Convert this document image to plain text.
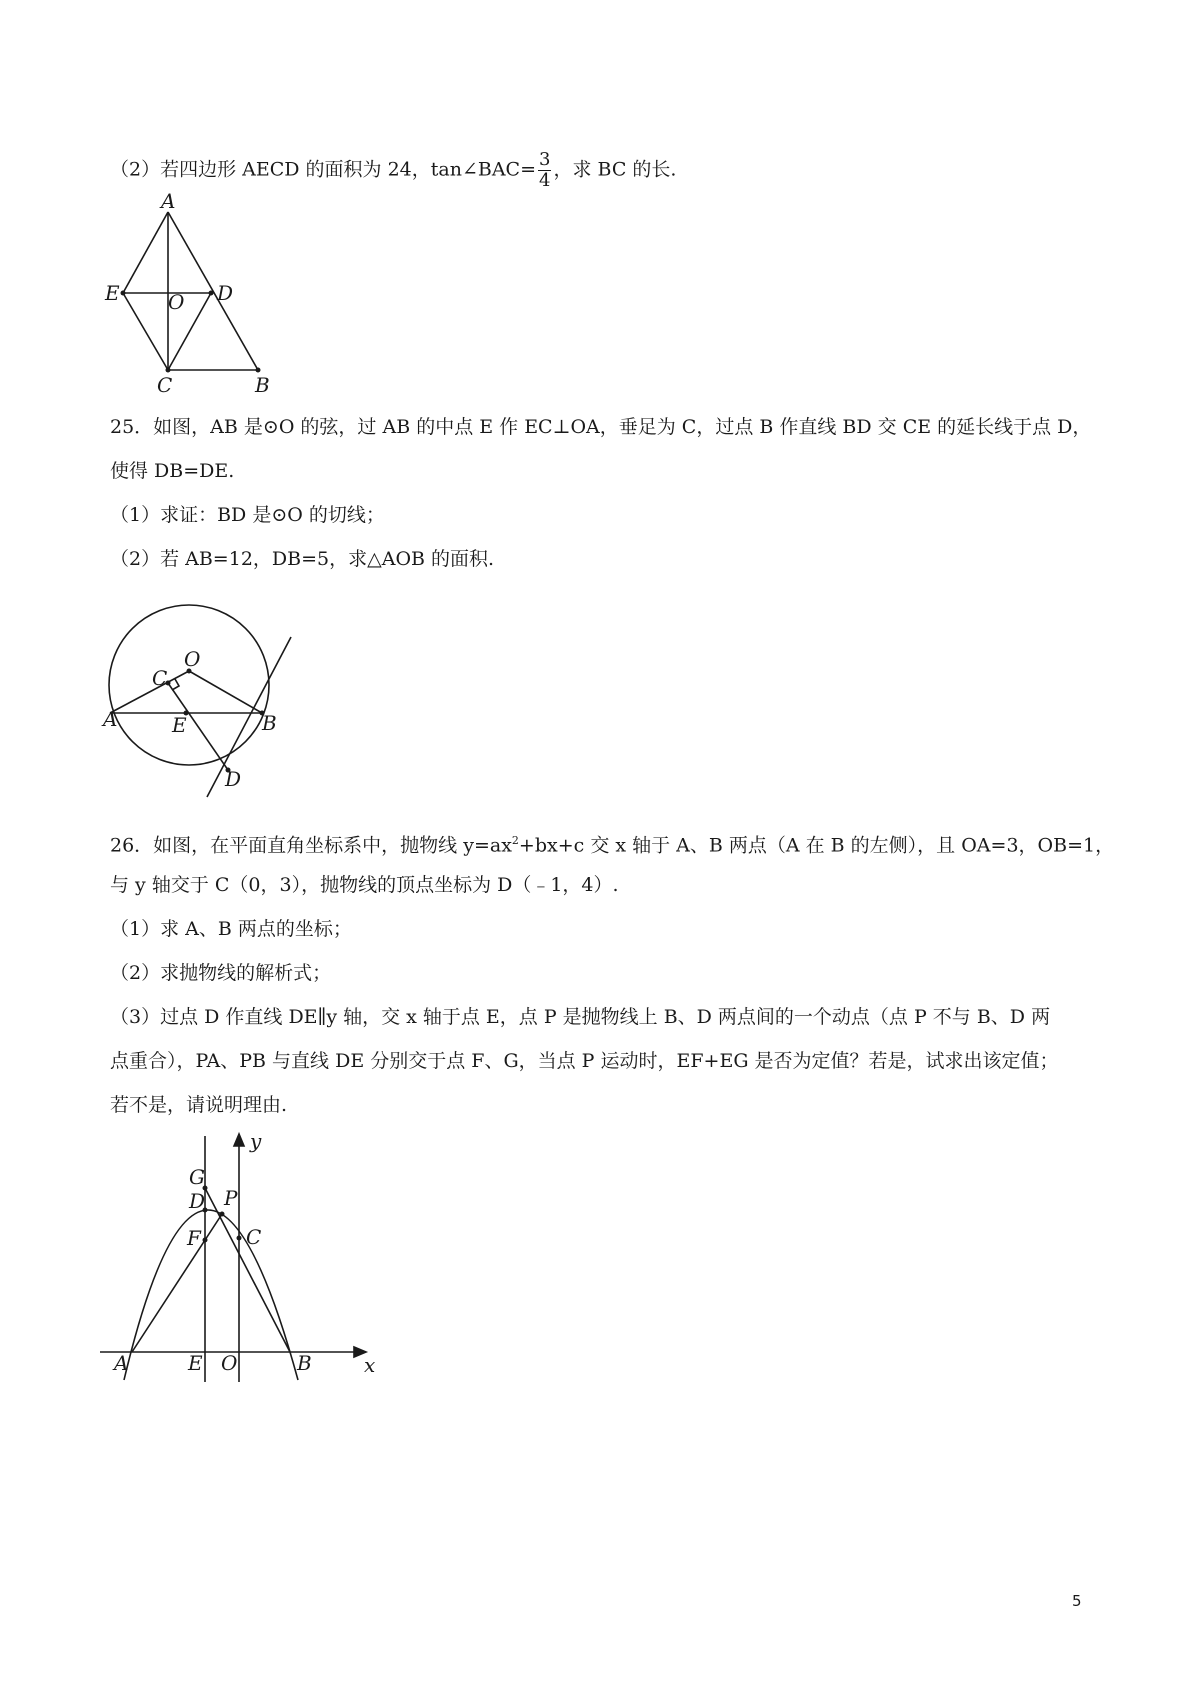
（2）若四边形 AECD 的面积为 24，tan∠BAC= $\frac{3}{4}$ ，求 BC 的长.

A
E O D
C	B

25．如图，AB 是⊙O 的弦，过 AB 的中点 E 作 EC⊥OA，垂足为 C，过点 B 作直线 BD 交 CE 的延长线于点 D，

使得 DB=DE.

（1）求证：BD 是⊙O 的切线；

（2）若 AB=12，DB=5，求△AOB 的面积.

O
C
A	E	B
D

26．如图，在平面直角坐标系中，抛物线 $y=ax^2+bx+c$ 交 x 轴于 A、B 两点（A 在 B 的左侧），且 OA=3，OB=1，

与 y 轴交于 C（0，3），抛物线的顶点坐标为 D（﹣1，4）.

（1）求 A、B 两点的坐标；

（2）求抛物线的解析式；

（3）过点 D 作直线 DE∥y 轴，交 x 轴于点 E，点 P 是抛物线上 B、D 两点间的一个动点（点 P 不与 B、D 两

点重合），PA、PB 与直线 DE 分别交于点 F、G，当点 P 运动时，EF+EG 是否为定值？若是，试求出该定值；

若不是，请说明理由.

y
x
G
D P
F C
A	E O	B
5
